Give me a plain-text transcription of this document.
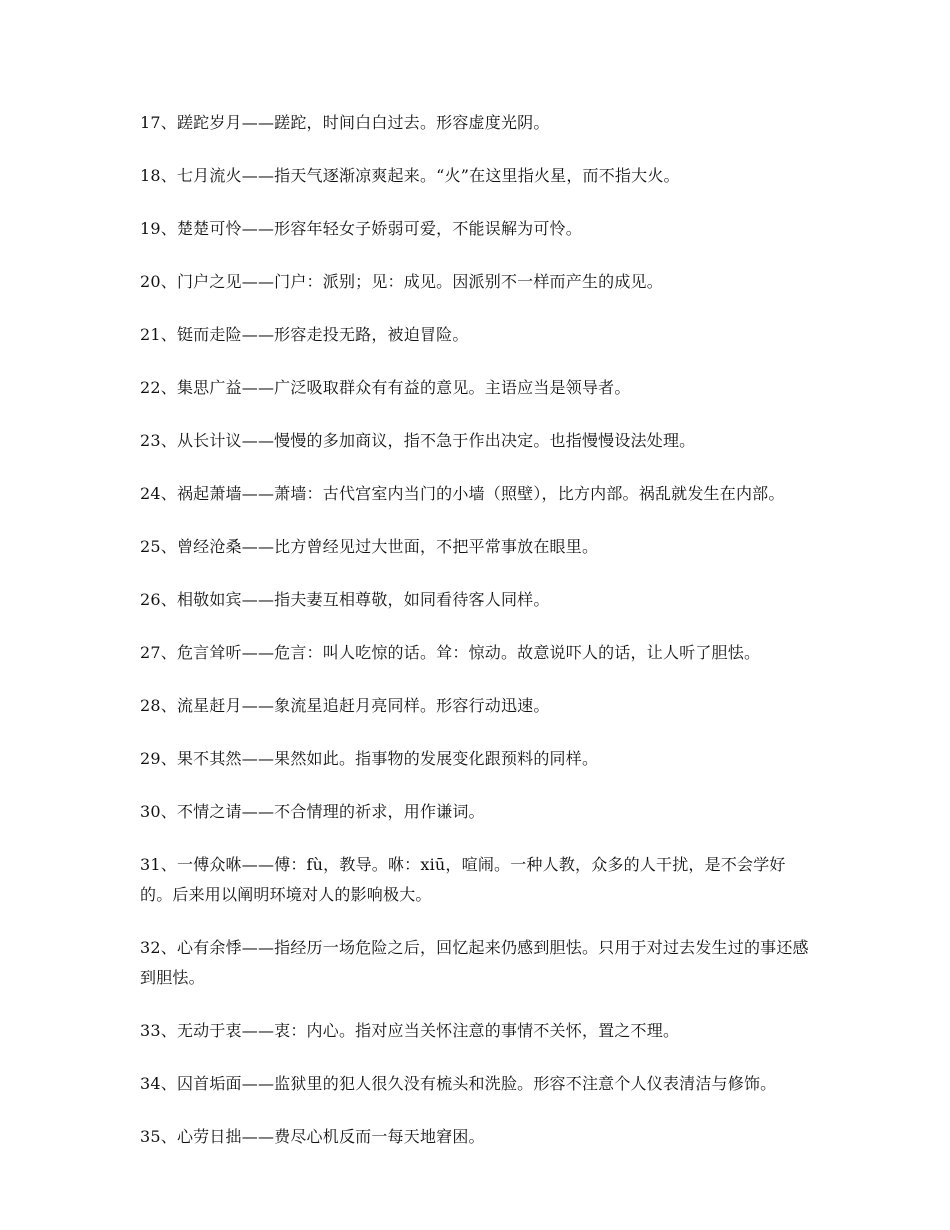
17、蹉跎岁月——蹉跎，时间白白过去。形容虚度光阴。

18、七月流火——指天气逐渐凉爽起来。“火”在这里指火星，而不指大火。

19、楚楚可怜——形容年轻女子娇弱可爱，不能误解为可怜。

20、门户之见——门户：派别；见：成见。因派别不一样而产生的成见。

21、铤而走险——形容走投无路，被迫冒险。

22、集思广益——广泛吸取群众有有益的意见。主语应当是领导者。

23、从长计议——慢慢的多加商议，指不急于作出决定。也指慢慢设法处理。

24、祸起萧墙——萧墙：古代宫室内当门的小墙（照壁），比方内部。祸乱就发生在内部。

25、曾经沧桑——比方曾经见过大世面，不把平常事放在眼里。

26、相敬如宾——指夫妻互相尊敬，如同看待客人同样。

27、危言耸听——危言：叫人吃惊的话。耸：惊动。故意说吓人的话，让人听了胆怯。

28、流星赶月——象流星追赶月亮同样。形容行动迅速。

29、果不其然——果然如此。指事物的发展变化跟预料的同样。

30、不情之请——不合情理的祈求，用作谦词。

31、一傅众咻——傅：fù，教导。咻：xiū，喧闹。一种人教，众多的人干扰，是不会学好的。后来用以阐明环境对人的影响极大。

32、心有余悸——指经历一场危险之后，回忆起来仍感到胆怯。只用于对过去发生过的事还感到胆怯。

33、无动于衷——衷：内心。指对应当关怀注意的事情不关怀，置之不理。

34、囚首垢面——监狱里的犯人很久没有梳头和洗脸。形容不注意个人仪表清洁与修饰。

35、心劳日拙——费尽心机反而一每天地窘困。
